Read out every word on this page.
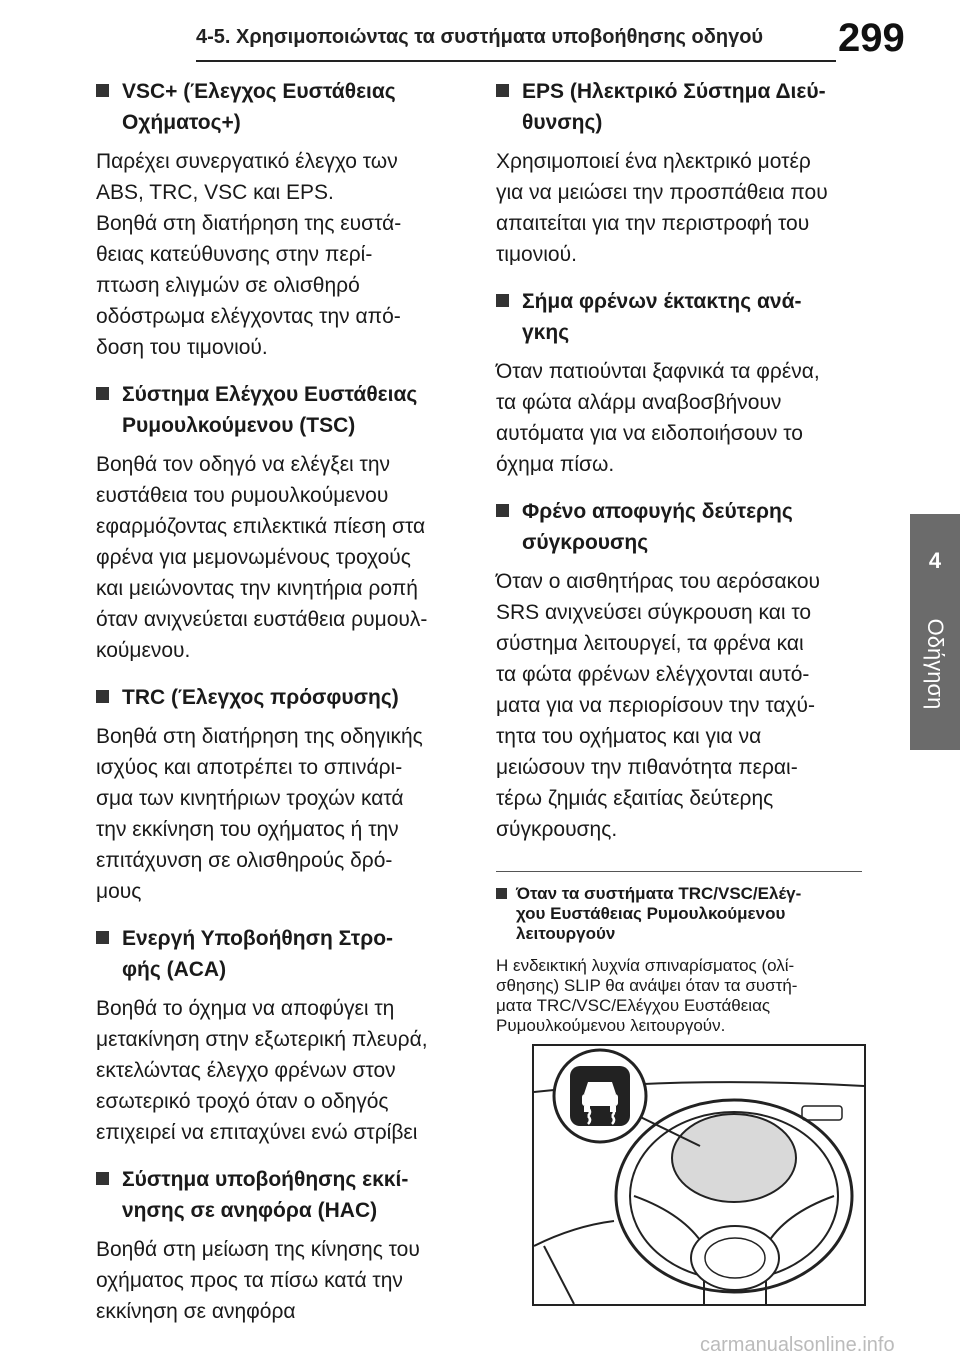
4-5. Χρησιμοποιώντας τα συστήματα υποβοήθησης οδηγού 299
4
Οδήγηση
VSC+ (Έλεγχος Ευστάθειας
Οχήματος+)

Παρέχει συνεργατικό έλεγχο των
ABS, TRC, VSC και EPS.
Βοηθά στη διατήρηση της ευστά-
θειας κατεύθυνσης στην περί-
πτωση ελιγμών σε ολισθηρό
οδόστρωμα ελέγχοντας την από-
δοση του τιμονιού.

Σύστημα Ελέγχου Ευστάθειας
Ρυμουλκούμενου (TSC)

Βοηθά τον οδηγό να ελέγξει την
ευστάθεια του ρυμουλκούμενου
εφαρμόζοντας επιλεκτικά πίεση στα
φρένα για μεμονωμένους τροχούς
και μειώνοντας την κινητήρια ροπή
όταν ανιχνεύεται ευστάθεια ρυμουλ-
κούμενου.

TRC (Έλεγχος πρόσφυσης)

Βοηθά στη διατήρηση της οδηγικής
ισχύος και αποτρέπει το σπινάρι-
σμα των κινητήριων τροχών κατά
την εκκίνηση του οχήματος ή την
επιτάχυνση σε ολισθηρούς δρό-
μους

Ενεργή Υποβοήθηση Στρο-
φής (ACA)

Βοηθά το όχημα να αποφύγει τη
μετακίνηση στην εξωτερική πλευρά,
εκτελώντας έλεγχο φρένων στον
εσωτερικό τροχό όταν ο οδηγός
επιχειρεί να επιταχύνει ενώ στρίβει

Σύστημα υποβοήθησης εκκί-
νησης σε ανηφόρα (HAC)

Βοηθά στη μείωση της κίνησης του
οχήματος προς τα πίσω κατά την
εκκίνηση σε ανηφόρα

EPS (Ηλεκτρικό Σύστημα Διεύ-
θυνσης)

Χρησιμοποιεί ένα ηλεκτρικό μοτέρ
για να μειώσει την προσπάθεια που
απαιτείται για την περιστροφή του
τιμονιού.

Σήμα φρένων έκτακτης ανά-
γκης

Όταν πατιούνται ξαφνικά τα φρένα,
τα φώτα αλάρμ αναβοσβήνουν
αυτόματα για να ειδοποιήσουν το
όχημα πίσω.

Φρένο αποφυγής δεύτερης
σύγκρουσης

Όταν ο αισθητήρας του αερόσακου
SRS ανιχνεύσει σύγκρουση και το
σύστημα λειτουργεί, τα φρένα και
τα φώτα φρένων ελέγχονται αυτό-
ματα για να περιορίσουν την ταχύ-
τητα του οχήματος και για να
μειώσουν την πιθανότητα περαι-
τέρω ζημιάς εξαιτίας δεύτερης
σύγκρουσης.

Όταν τα συστήματα TRC/VSC/Ελέγ-
χου Ευστάθειας Ρυμουλκούμενου
λειτουργούν
Η ενδεικτική λυχνία σπιναρίσματος (ολί-
σθησης) SLIP θα ανάψει όταν τα συστή-
ματα TRC/VSC/Ελέγχου Ευστάθειας
Ρυμουλκούμενου λειτουργούν.
carmanualsonline.info
